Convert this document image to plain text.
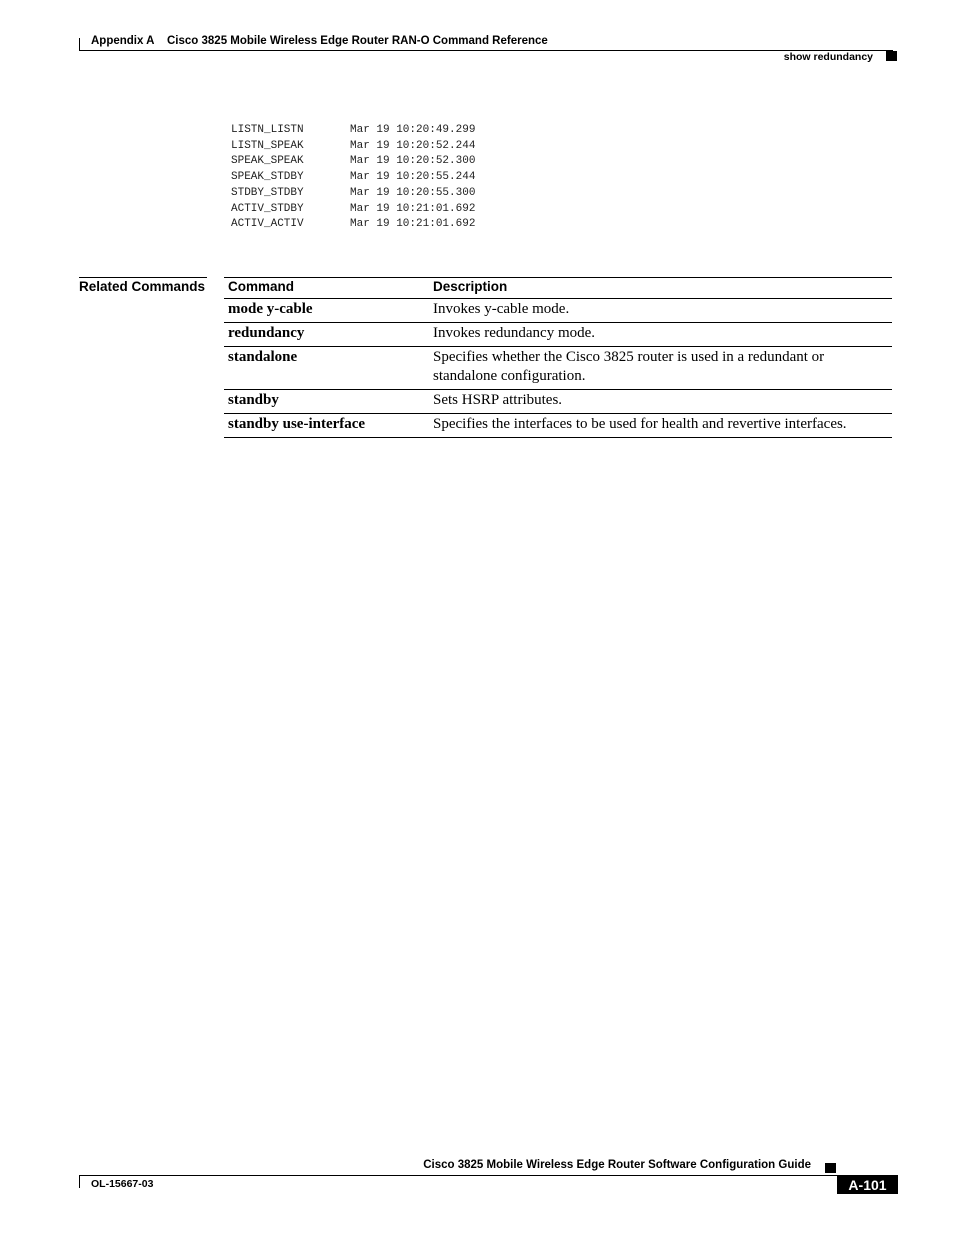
Appendix A Cisco 3825 Mobile Wireless Edge Router RAN-O Command Reference
show redundancy
LISTN_LISTN	Mar 19 10:20:49.299
LISTN_SPEAK	Mar 19 10:20:52.244
SPEAK_SPEAK	Mar 19 10:20:52.300
SPEAK_STDBY	Mar 19 10:20:55.244
STDBY_STDBY	Mar 19 10:20:55.300
ACTIV_STDBY	Mar 19 10:21:01.692
ACTIV_ACTIV	Mar 19 10:21:01.692
Related Commands Command	Description
mode y-cable	Invokes y-cable mode.
redundancy	Invokes redundancy mode.
standalone	Specifies whether the Cisco 3825 router is used in a redundant or standalone configuration.
standby	Sets HSRP attributes.
standby use-interface	Specifies the interfaces to be used for health and revertive interfaces.
Cisco 3825 Mobile Wireless Edge Router Software Configuration Guide
OL-15667-03	A-101
